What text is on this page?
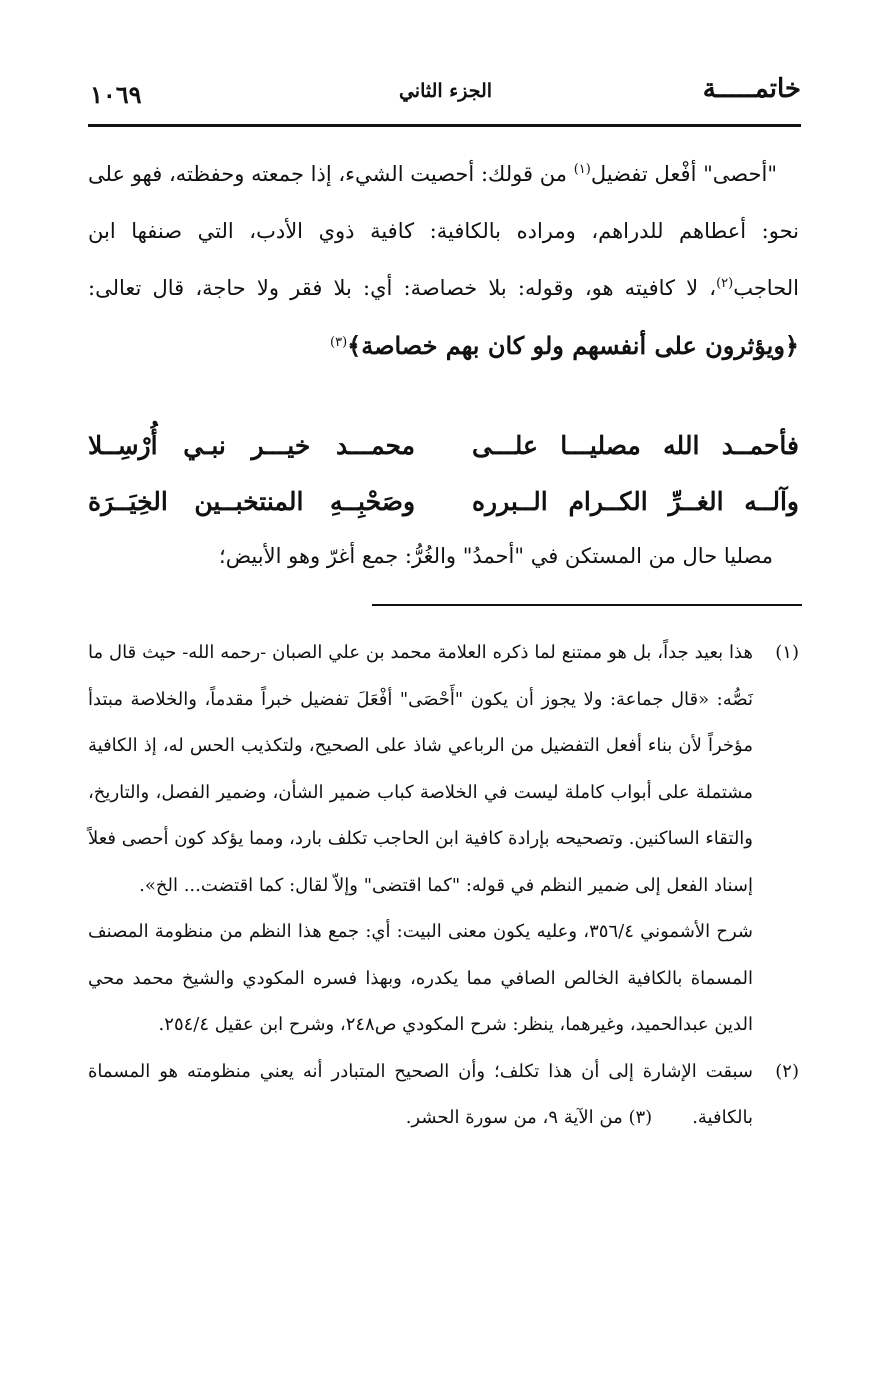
خاتمـــــة
الجزء الثاني
١٠٦٩

"أحصى" أفْعل تفضيل$^{(١)}$ من قولك: أحصيت الشيء، إذا جمعته وحفظته، فهو على نحو: أعطاهم للدراهم، ومراده بالكافية: كافية ذوي الأدب، التي صنفها ابن الحاجب$^{(٢)}$، لا كافيته هو، وقوله: بلا خصاصة: أي: بلا فقر ولا حاجة، قال تعالى: ﴿ويؤثرون على أنفسهم ولو كان بهم خصاصة﴾$^{(٣)}$

فأحمــد الله مصليـــا علـــى
محمـــد خيـــر نبـي أُرْسِــلا
وآلــه الغــرِّ الكــرام الــبرره
وصَحْبِــهِ المنتخبــين الخِيَــرَة
مصليا حال من المستكن في "أحمدُ" والغُرُّ: جمع أغرّ وهو الأبيض؛
(١)

هذا بعيد جداً، بل هو ممتنع لما ذكره العلامة محمد بن علي الصبان -رحمه الله- حيث قال ما نَصُّه: «قال جماعة: ولا يجوز أن يكون "أَحْصَى" أفْعَلَ تفضيل خبراً مقدماً، والخلاصة مبتدأ مؤخراً لأن بناء أفعل التفضيل من الرباعي شاذ على الصحيح، ولتكذيب الحس له، إذ الكافية مشتملة على أبواب كاملة ليست في الخلاصة كباب ضمير الشأن، وضمير الفصل، والتاريخ، والتقاء الساكنين. وتصحيحه بإرادة كافية ابن الحاجب تكلف بارد، ومما يؤكد كون أحصى فعلاً إسناد الفعل إلى ضمير النظم في قوله: "كما اقتضى" وإلاّ لقال: كما اقتضت... الخ».

شرح الأشموني ٣٥٦/٤، وعليه يكون معنى البيت: أي: جمع هذا النظم من منظومة المصنف المسماة بالكافية الخالص الصافي مما يكدره، وبهذا فسره المكودي والشيخ محمد محي الدين عبدالحميد، وغيرهما، ينظر: شرح المكودي ص٢٤٨، وشرح ابن عقيل ٢٥٤/٤.

(٢)

سبقت الإشارة إلى أن هذا تكلف؛ وأن الصحيح المتبادر أنه يعني منظومته هو المسماة بالكافية.(٣) من الآية ٩، من سورة الحشر.
